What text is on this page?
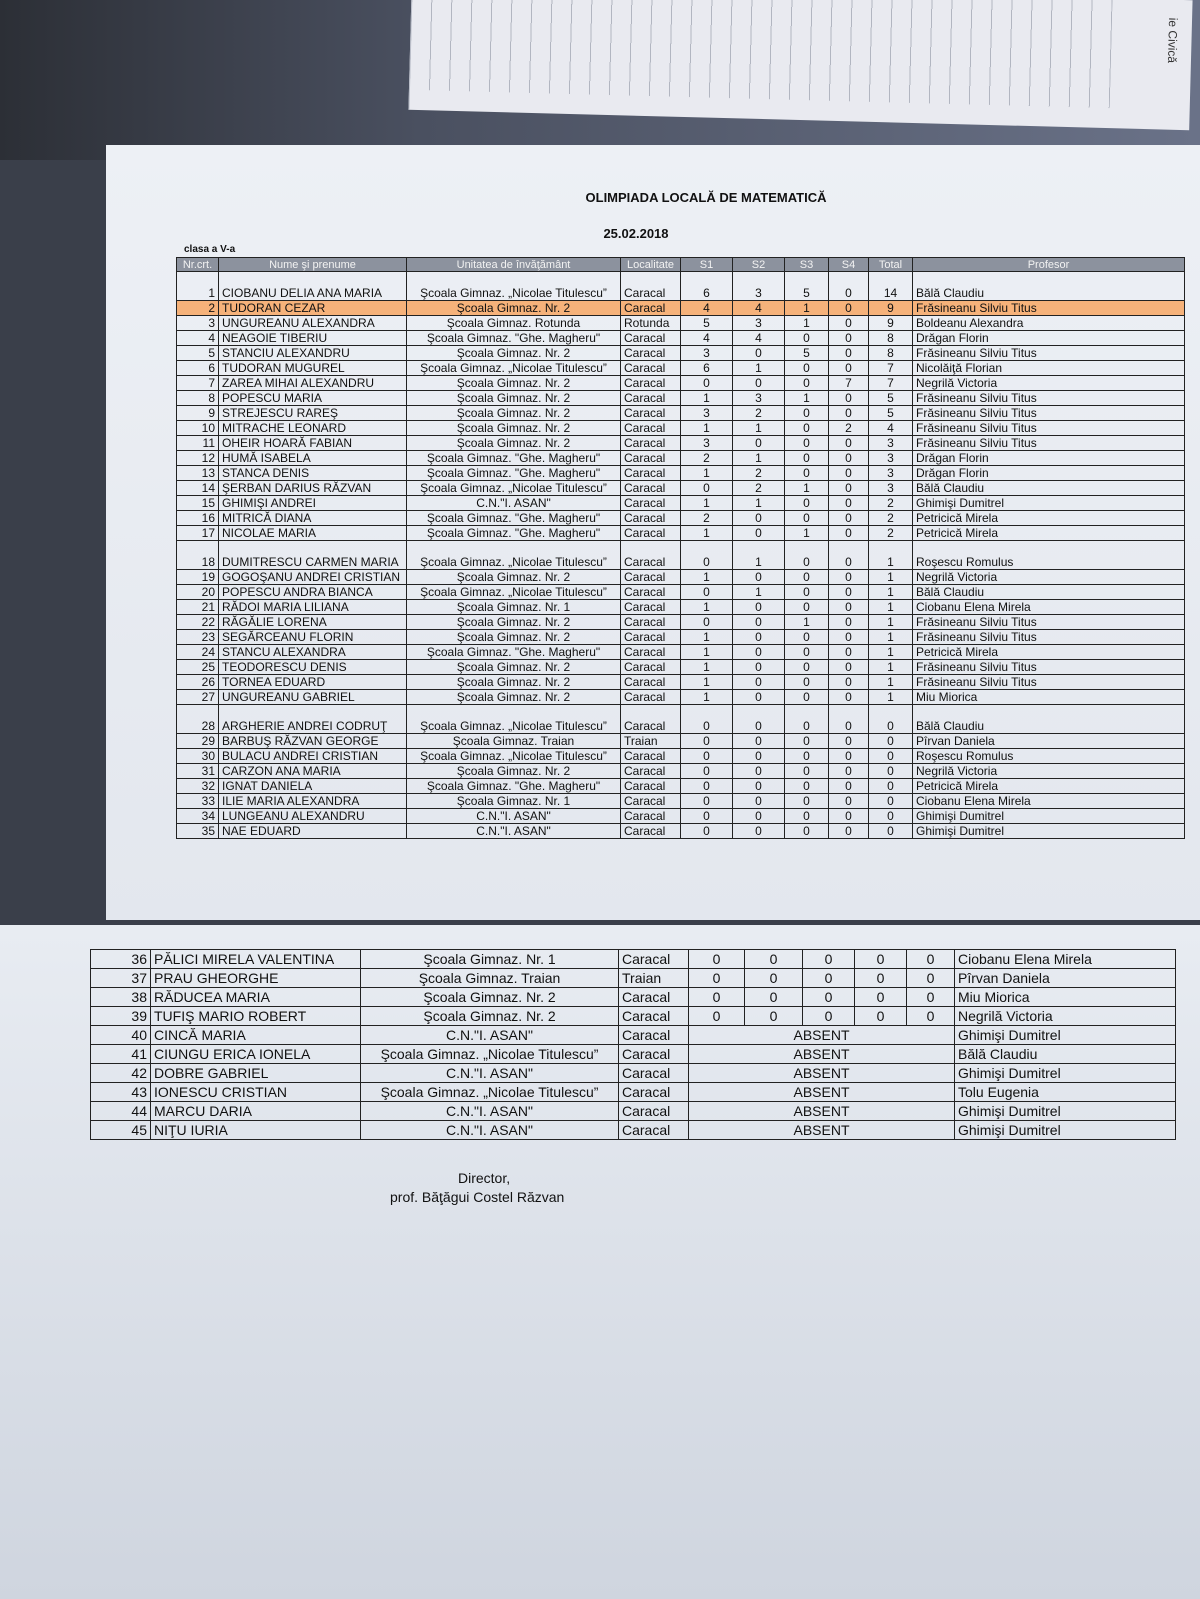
ie Civică
OLIMPIADA LOCALĂ DE MATEMATICĂ
25.02.2018
clasa a V-a
Nr.crt.	Nume şi prenume	Unitatea de învăţământ	Localitate	S1	S2	S3	S4	Total	Profesor
1	CIOBANU DELIA ANA MARIA	Şcoala Gimnaz. „Nicolae Titulescu”	Caracal	6	3	5	0	14	Bălă Claudiu
2	TUDORAN CEZAR	Şcoala Gimnaz. Nr. 2	Caracal	4	4	1	0	9	Frăsineanu Silviu Titus
3	UNGUREANU ALEXANDRA	Şcoala Gimnaz. Rotunda	Rotunda	5	3	1	0	9	Boldeanu Alexandra
4	NEAGOIE TIBERIU	Şcoala Gimnaz. "Ghe. Magheru"	Caracal	4	4	0	0	8	Drăgan Florin
5	STANCIU ALEXANDRU	Şcoala Gimnaz. Nr. 2	Caracal	3	0	5	0	8	Frăsineanu Silviu Titus
6	TUDORAN MUGUREL	Şcoala Gimnaz. „Nicolae Titulescu”	Caracal	6	1	0	0	7	Nicolăiţă Florian
7	ZAREA MIHAI ALEXANDRU	Şcoala Gimnaz. Nr. 2	Caracal	0	0	0	7	7	Negrilă Victoria
8	POPESCU MARIA	Şcoala Gimnaz. Nr. 2	Caracal	1	3	1	0	5	Frăsineanu Silviu Titus
9	STREJESCU RAREŞ	Şcoala Gimnaz. Nr. 2	Caracal	3	2	0	0	5	Frăsineanu Silviu Titus
10	MITRACHE LEONARD	Şcoala Gimnaz. Nr. 2	Caracal	1	1	0	2	4	Frăsineanu Silviu Titus
11	OHEIR HOARĂ FABIAN	Şcoala Gimnaz. Nr. 2	Caracal	3	0	0	0	3	Frăsineanu Silviu Titus
12	HUMĂ ISABELA	Şcoala Gimnaz. "Ghe. Magheru"	Caracal	2	1	0	0	3	Drăgan Florin
13	STANCA DENIS	Şcoala Gimnaz. "Ghe. Magheru"	Caracal	1	2	0	0	3	Drăgan Florin
14	ŞERBAN DARIUS RĂZVAN	Şcoala Gimnaz. „Nicolae Titulescu”	Caracal	0	2	1	0	3	Bălă Claudiu
15	GHIMIŞI ANDREI	C.N."I. ASAN"	Caracal	1	1	0	0	2	Ghimişi Dumitrel
16	MITRICĂ DIANA	Şcoala Gimnaz. "Ghe. Magheru"	Caracal	2	0	0	0	2	Petricică Mirela
17	NICOLAE MARIA	Şcoala Gimnaz. "Ghe. Magheru"	Caracal	1	0	1	0	2	Petricică Mirela
18	DUMITRESCU CARMEN MARIA	Şcoala Gimnaz. „Nicolae Titulescu”	Caracal	0	1	0	0	1	Roşescu Romulus
19	GOGOŞANU ANDREI CRISTIAN	Şcoala Gimnaz. Nr. 2	Caracal	1	0	0	0	1	Negrilă Victoria
20	POPESCU ANDRA BIANCA	Şcoala Gimnaz. „Nicolae Titulescu”	Caracal	0	1	0	0	1	Bălă Claudiu
21	RĂDOI MARIA LILIANA	Şcoala Gimnaz. Nr. 1	Caracal	1	0	0	0	1	Ciobanu Elena Mirela
22	RĂGĂLIE LORENA	Şcoala Gimnaz. Nr. 2	Caracal	0	0	1	0	1	Frăsineanu Silviu Titus
23	SEGĂRCEANU FLORIN	Şcoala Gimnaz. Nr. 2	Caracal	1	0	0	0	1	Frăsineanu Silviu Titus
24	STANCU ALEXANDRA	Şcoala Gimnaz. "Ghe. Magheru"	Caracal	1	0	0	0	1	Petricică Mirela
25	TEODORESCU DENIS	Şcoala Gimnaz. Nr. 2	Caracal	1	0	0	0	1	Frăsineanu Silviu Titus
26	TORNEA EDUARD	Şcoala Gimnaz. Nr. 2	Caracal	1	0	0	0	1	Frăsineanu Silviu Titus
27	UNGUREANU GABRIEL	Şcoala Gimnaz. Nr. 2	Caracal	1	0	0	0	1	Miu Miorica
28	ARGHERIE ANDREI CODRUŢ	Şcoala Gimnaz. „Nicolae Titulescu”	Caracal	0	0	0	0	0	Bălă Claudiu
29	BARBUŞ RĂZVAN GEORGE	Şcoala Gimnaz. Traian	Traian	0	0	0	0	0	Pîrvan Daniela
30	BULACU ANDREI CRISTIAN	Şcoala Gimnaz. „Nicolae Titulescu”	Caracal	0	0	0	0	0	Roşescu Romulus
31	CARZON ANA MARIA	Şcoala Gimnaz. Nr. 2	Caracal	0	0	0	0	0	Negrilă Victoria
32	IGNAT DANIELA	Şcoala Gimnaz. "Ghe. Magheru"	Caracal	0	0	0	0	0	Petricică Mirela
33	ILIE MARIA ALEXANDRA	Şcoala Gimnaz. Nr. 1	Caracal	0	0	0	0	0	Ciobanu Elena Mirela
34	LUNGEANU ALEXANDRU	C.N."I. ASAN"	Caracal	0	0	0	0	0	Ghimişi Dumitrel
35	NAE EDUARD	C.N."I. ASAN"	Caracal	0	0	0	0	0	Ghimişi Dumitrel
36	PĂLICI MIRELA VALENTINA	Şcoala Gimnaz. Nr. 1	Caracal	0	0	0	0	0	Ciobanu Elena Mirela
37	PRAU GHEORGHE	Şcoala Gimnaz. Traian	Traian	0	0	0	0	0	Pîrvan Daniela
38	RĂDUCEA MARIA	Şcoala Gimnaz. Nr. 2	Caracal	0	0	0	0	0	Miu Miorica
39	TUFIŞ MARIO ROBERT	Şcoala Gimnaz. Nr. 2	Caracal	0	0	0	0	0	Negrilă Victoria
40	CINCĂ MARIA	C.N."I. ASAN"	Caracal	ABSENT					Ghimişi Dumitrel
41	CIUNGU ERICA IONELA	Şcoala Gimnaz. „Nicolae Titulescu”	Caracal	ABSENT					Bălă Claudiu
42	DOBRE GABRIEL	C.N."I. ASAN"	Caracal	ABSENT					Ghimişi Dumitrel
43	IONESCU CRISTIAN	Şcoala Gimnaz. „Nicolae Titulescu”	Caracal	ABSENT					Tolu Eugenia
44	MARCU DARIA	C.N."I. ASAN"	Caracal	ABSENT					Ghimişi Dumitrel
45	NIŢU IURIA	C.N."I. ASAN"	Caracal	ABSENT					Ghimişi Dumitrel
Director,
prof. Băţăgui Costel Răzvan
